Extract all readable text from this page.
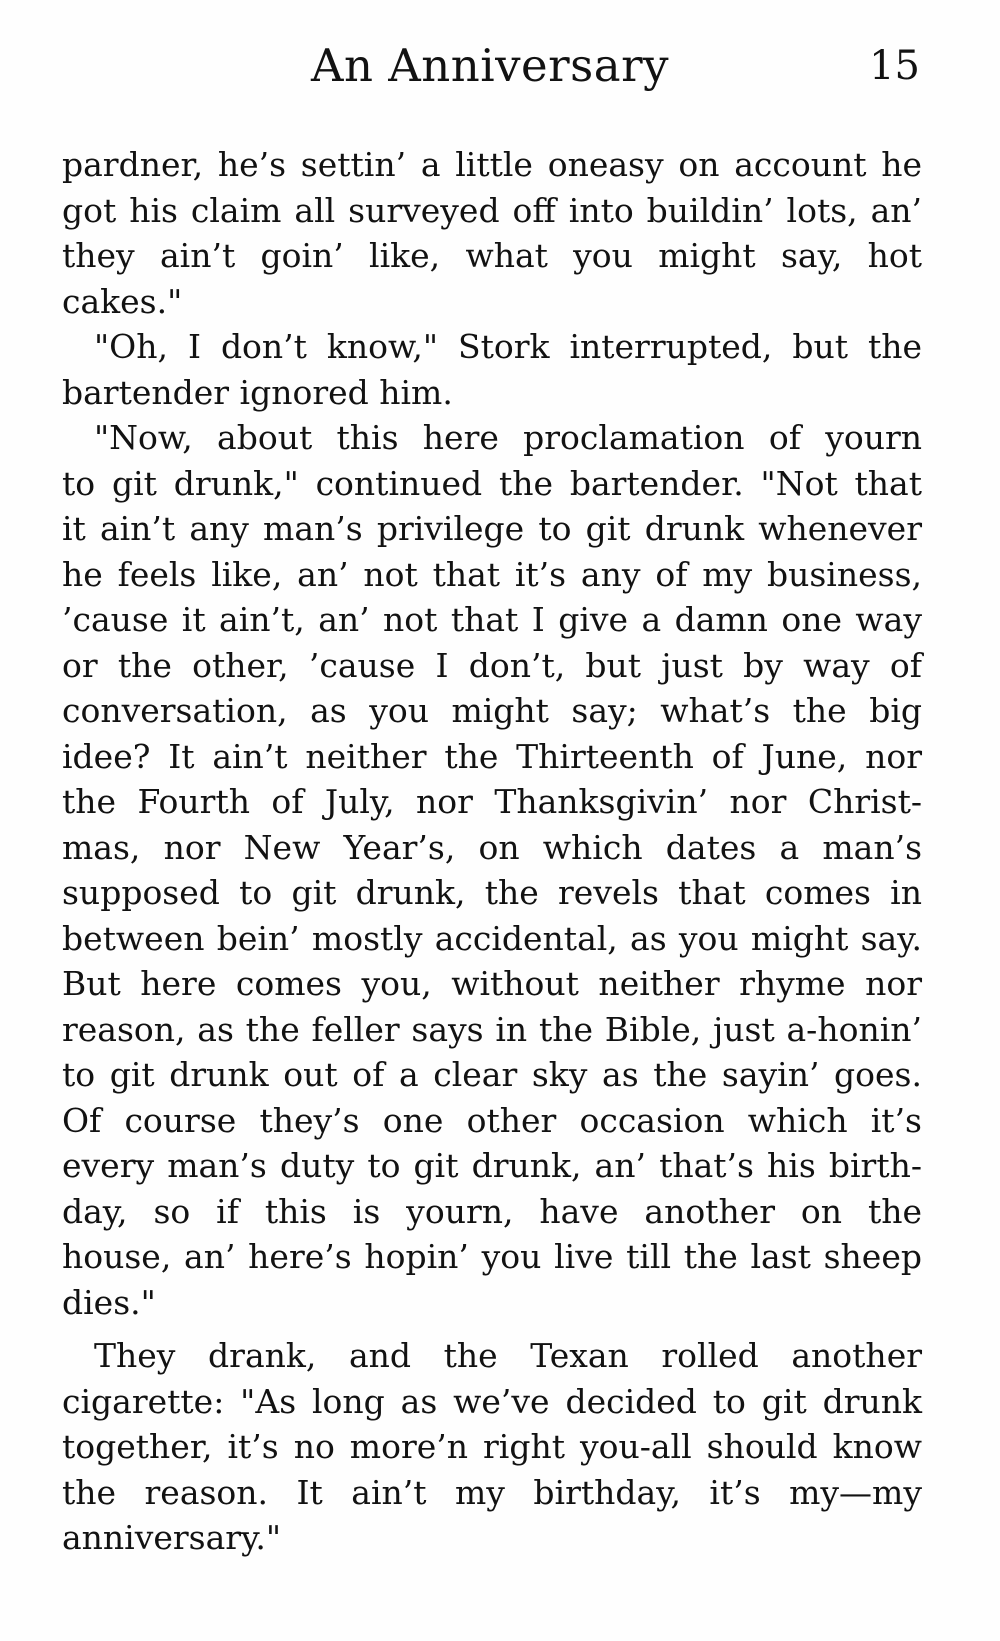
An Anniversary	15
pardner, he’s settin’ a little oneasy on account he
got his claim all surveyed off into buildin’ lots, an’
they ain’t goin’ like, what you might say, hot
cakes."
"Oh, I don’t know," Stork interrupted, but the
bartender ignored him.
"Now, about this here proclamation of yourn
to git drunk," continued the bartender. "Not that
it ain’t any man’s privilege to git drunk whenever
he feels like, an’ not that it’s any of my business,
’cause it ain’t, an’ not that I give a damn one way
or the other, ’cause I don’t, but just by way of
conversation, as you might say; what’s the big
idee? It ain’t neither the Thirteenth of June, nor
the Fourth of July, nor Thanksgivin’ nor Christ-
mas, nor New Year’s, on which dates a man’s
supposed to git drunk, the revels that comes in
between bein’ mostly accidental, as you might say.
But here comes you, without neither rhyme nor
reason, as the feller says in the Bible, just a-honin’
to git drunk out of a clear sky as the sayin’ goes.
Of course they’s one other occasion which it’s
every man’s duty to git drunk, an’ that’s his birth-
day, so if this is yourn, have another on the
house, an’ here’s hopin’ you live till the last sheep
dies."
They drank, and the Texan rolled another
cigarette: "As long as we’ve decided to git drunk
together, it’s no more’n right you-all should know
the reason. It ain’t my birthday, it’s my—my
anniversary."
